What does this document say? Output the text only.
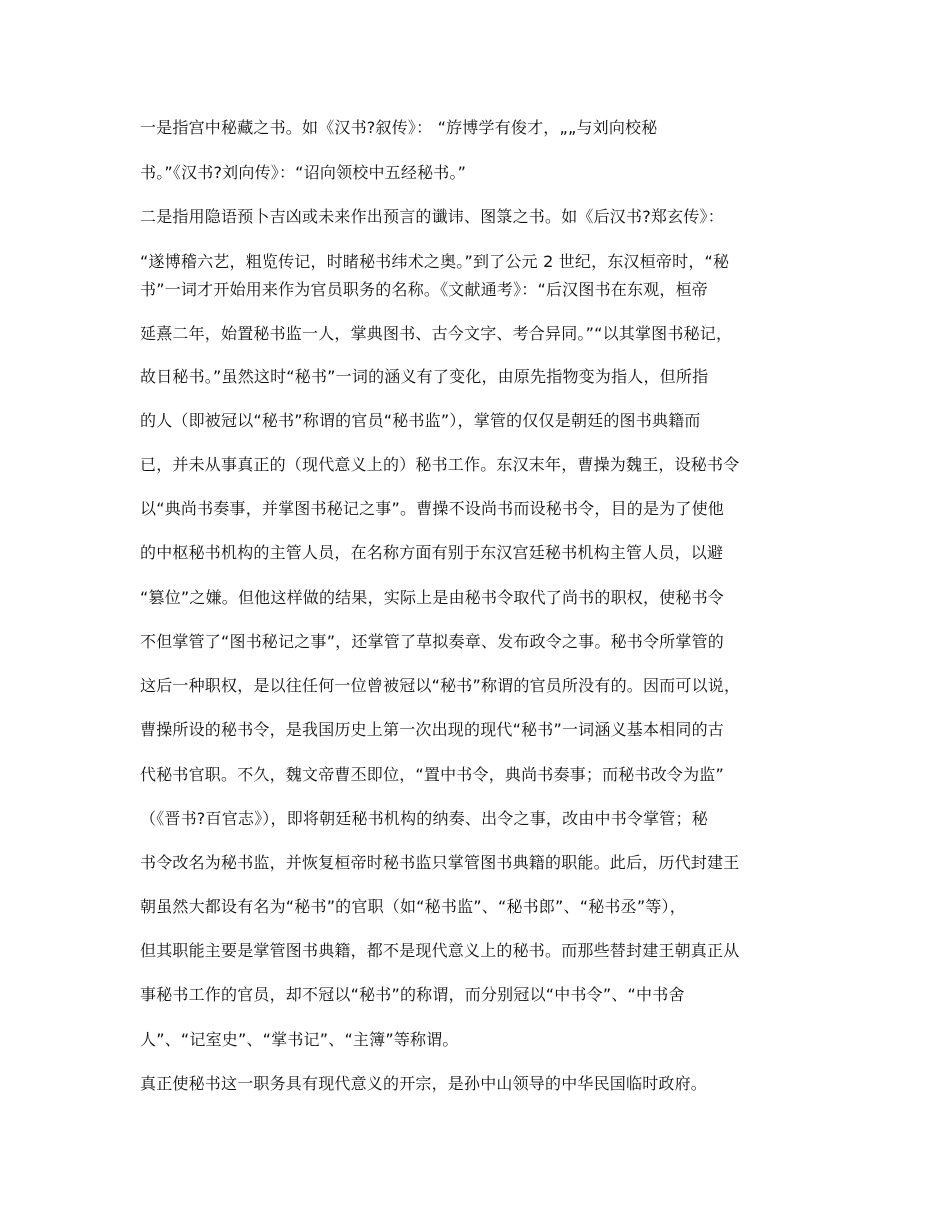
一是指宫中秘藏之书。如《汉书?叙传》： “斿博学有俊才，„„与刘向校秘
书。”《汉书?刘向传》：“诏向领校中五经秘书。”
二是指用隐语预卜吉凶或未来作出预言的谶讳、图箓之书。如《后汉书?郑玄传》：
“遂博稽六艺，粗览传记，时睹秘书纬术之奥。”到了公元 2 世纪，东汉桓帝时，“秘
书”一词才开始用来作为官员职务的名称。《文献通考》：“后汉图书在东观，桓帝
延熹二年，始置秘书监一人，掌典图书、古今文字、考合异同。”“以其掌图书秘记，
故日秘书。”虽然这时“秘书”一词的涵义有了变化，由原先指物变为指人，但所指
的人（即被冠以“秘书”称谓的官员“秘书监”），掌管的仅仅是朝廷的图书典籍而
已，并未从事真正的（现代意义上的）秘书工作。东汉末年，曹操为魏王，设秘书令
以“典尚书奏事，并掌图书秘记之事”。曹操不设尚书而设秘书令，目的是为了使他
的中枢秘书机构的主管人员，在名称方面有别于东汉宫廷秘书机构主管人员，以避
“篡位”之嫌。但他这样做的结果，实际上是由秘书令取代了尚书的职权，使秘书令
不但掌管了“图书秘记之事”，还掌管了草拟奏章、发布政令之事。秘书令所掌管的
这后一种职权，是以往任何一位曾被冠以“秘书”称谓的官员所没有的。因而可以说，
曹操所设的秘书令，是我国历史上第一次出现的现代“秘书”一词涵义基本相同的古
代秘书官职。不久，魏文帝曹丕即位，“置中书令，典尚书奏事；而秘书改令为监”
（《晋书?百官志》），即将朝廷秘书机构的纳奏、出令之事，改由中书令掌管；秘
书令改名为秘书监，并恢复桓帝时秘书监只掌管图书典籍的职能。此后，历代封建王
朝虽然大都设有名为“秘书”的官职（如“秘书监”、“秘书郎”、“秘书丞”等），
但其职能主要是掌管图书典籍，都不是现代意义上的秘书。而那些替封建王朝真正从
事秘书工作的官员，却不冠以“秘书”的称谓，而分别冠以“中书令”、“中书舍
人”、“记室史”、“掌书记”、“主簿”等称谓。
真正使秘书这一职务具有现代意义的开宗，是孙中山领导的中华民国临时政府。
